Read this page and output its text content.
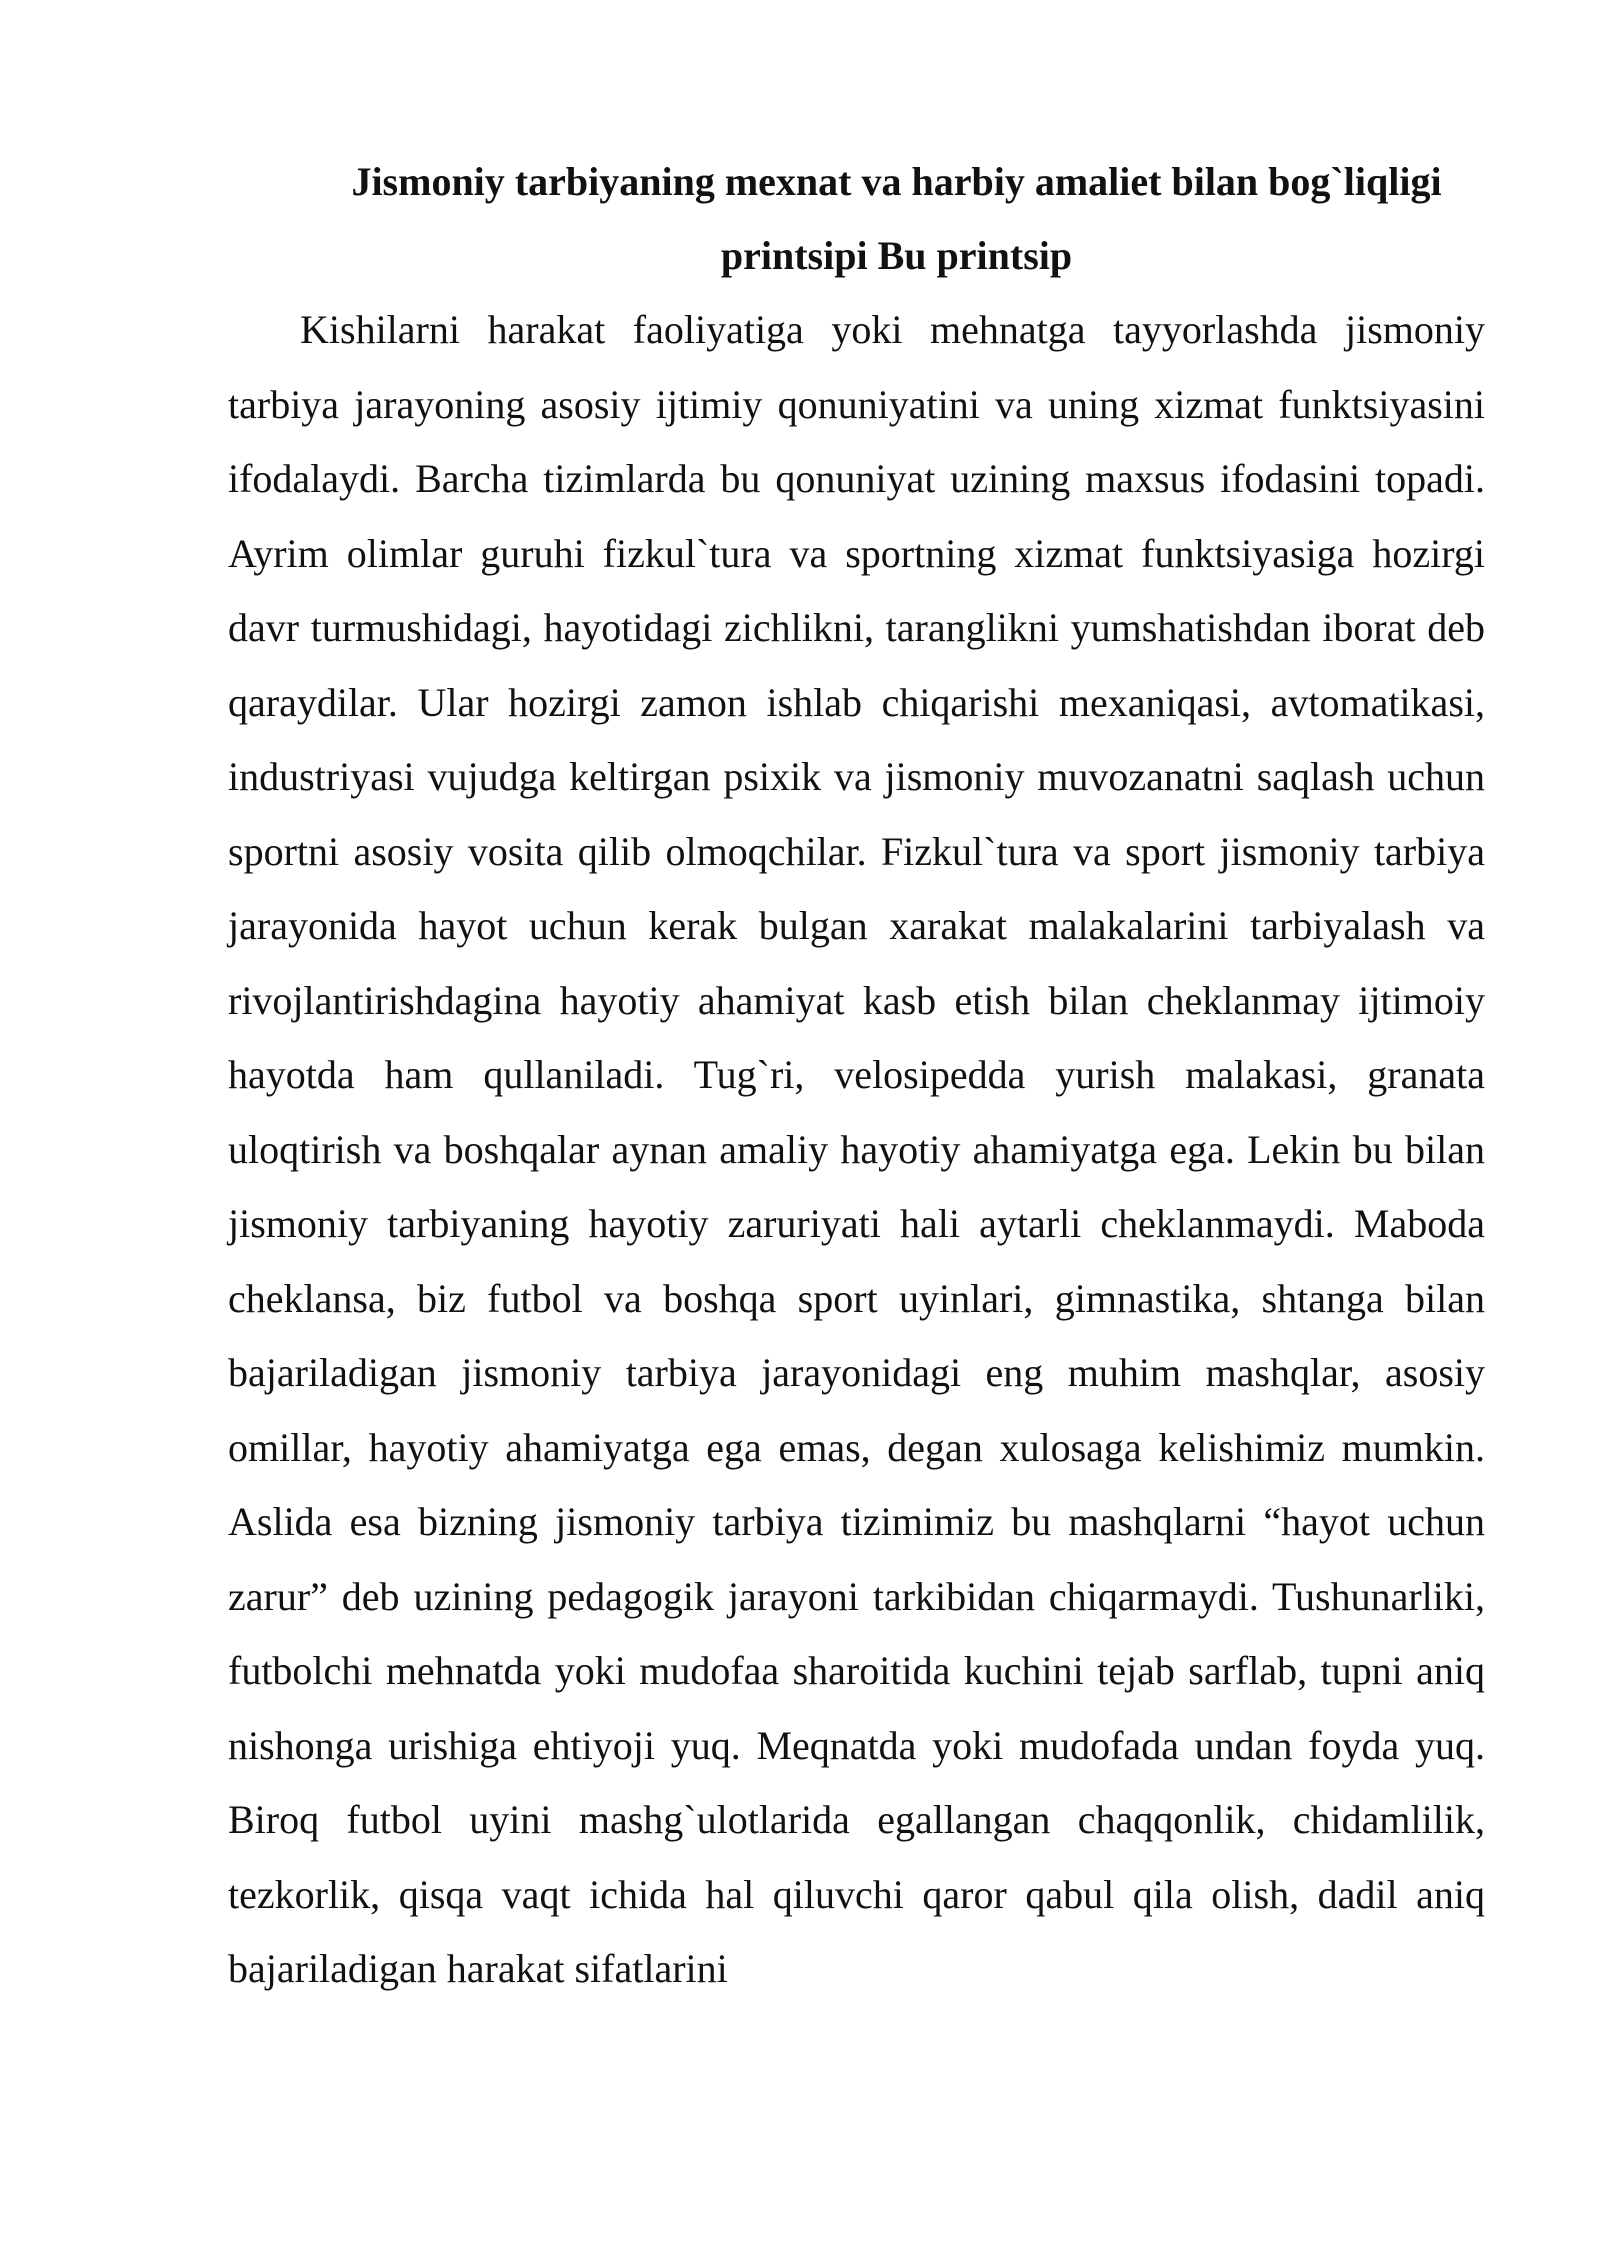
Jismoniy tarbiyaning mexnat va harbiy amaliet bilan bog`liqligi printsipi Bu printsip

Kishilarni harakat faoliyatiga yoki mehnatga tayyorlashda jismoniy tarbiya jarayoning asosiy ijtimiy qonuniyatini va uning xizmat funktsiyasini ifodalaydi. Barcha tizimlarda bu qonuniyat uzining maxsus ifodasini topadi. Ayrim olimlar guruhi fizkul`tura va sportning xizmat funktsiyasiga hozirgi davr turmushidagi, hayotidagi zichlikni, taranglikni yumshatishdan iborat deb qaraydilar. Ular hozirgi zamon ishlab chiqarishi mexaniqasi, avtomatikasi, industriyasi vujudga keltirgan psixik va jismoniy muvozanatni saqlash uchun sportni asosiy vosita qilib olmoqchilar. Fizkul`tura va sport jismoniy tarbiya jarayonida hayot uchun kerak bulgan xarakat malakalarini tarbiyalash va rivojlantirishdagina hayotiy ahamiyat kasb etish bilan cheklanmay ijtimoiy hayotda ham qullaniladi. Tug`ri, velosipedda yurish malakasi, granata uloqtirish va boshqalar aynan amaliy hayotiy ahamiyatga ega. Lekin bu bilan jismoniy tarbiyaning hayotiy zaruriyati hali aytarli cheklanmaydi. Maboda cheklansa, biz futbol va boshqa sport uyinlari, gimnastika, shtanga bilan bajariladigan jismoniy tarbiya jarayonidagi eng muhim mashqlar, asosiy omillar, hayotiy ahamiyatga ega emas, degan xulosaga kelishimiz mumkin. Aslida esa bizning jismoniy tarbiya tizimimiz bu mashqlarni “hayot uchun zarur” deb uzining pedagogik jarayoni tarkibidan chiqarmaydi. Tushunarliki, futbolchi mehnatda yoki mudofaa sharoitida kuchini tejab sarflab, tupni aniq nishonga urishiga ehtiyoji yuq. Meqnatda yoki mudofada undan foyda yuq. Biroq futbol uyini mashg`ulotlarida egallangan chaqqonlik, chidamlilik, tezkorlik, qisqa vaqt ichida hal qiluvchi qaror qabul qila olish, dadil aniq bajariladigan harakat sifatlarini
